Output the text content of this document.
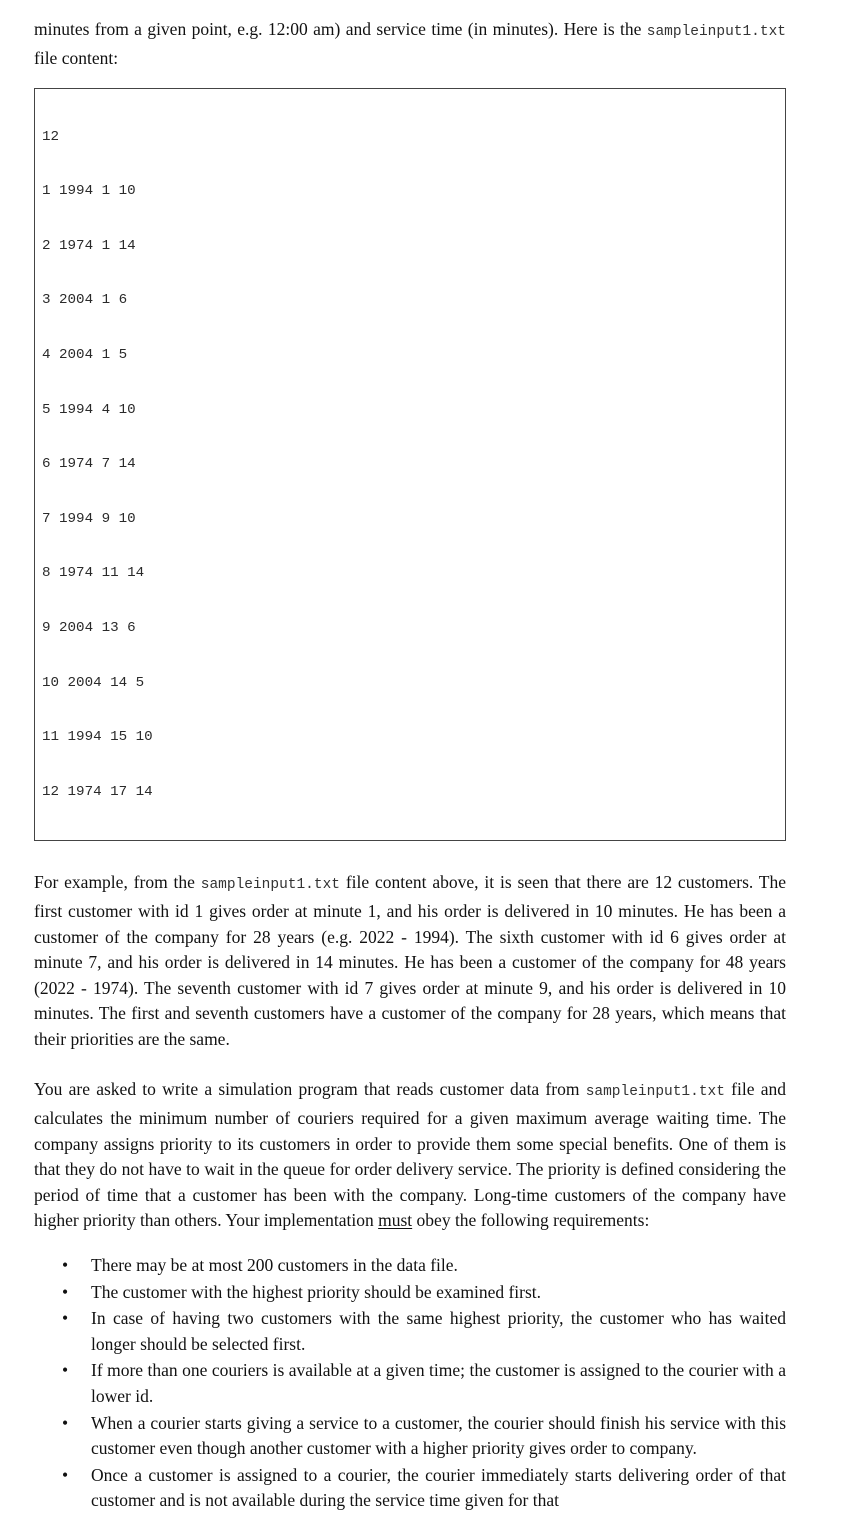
minutes from a given point, e.g. 12:00 am) and service time (in minutes). Here is the sampleinput1.txt file content:

12

1 1994 1 10

2 1974 1 14

3 2004 1 6

4 2004 1 5

5 1994 4 10

6 1974 7 14

7 1994 9 10

8 1974 11 14

9 2004 13 6

10 2004 14 5

11 1994 15 10

12 1974 17 14

For example, from the sampleinput1.txt file content above, it is seen that there are 12 customers. The first customer with id 1 gives order at minute 1, and his order is delivered in 10 minutes. He has been a customer of the company for 28 years (e.g. 2022 - 1994). The sixth customer with id 6 gives order at minute 7, and his order is delivered in 14 minutes. He has been a customer of the company for 48 years (2022 - 1974). The seventh customer with id 7 gives order at minute 9, and his order is delivered in 10 minutes. The first and seventh customers have a customer of the company for 28 years, which means that their priorities are the same.

You are asked to write a simulation program that reads customer data from sampleinput1.txt file and calculates the minimum number of couriers required for a given maximum average waiting time. The company assigns priority to its customers in order to provide them some special benefits. One of them is that they do not have to wait in the queue for order delivery service. The priority is defined considering the period of time that a customer has been with the company. Long-time customers of the company have higher priority than others. Your implementation must obey the following requirements:

• There may be at most 200 customers in the data file.
• The customer with the highest priority should be examined first.
• In case of having two customers with the same highest priority, the customer who has waited longer should be selected first.
• If more than one couriers is available at a given time; the customer is assigned to the courier with a lower id.
• When a courier starts giving a service to a customer, the courier should finish his service with this customer even though another customer with a higher priority gives order to company.
• Once a customer is assigned to a courier, the courier immediately starts delivering order of that customer and is not available during the service time given for that
